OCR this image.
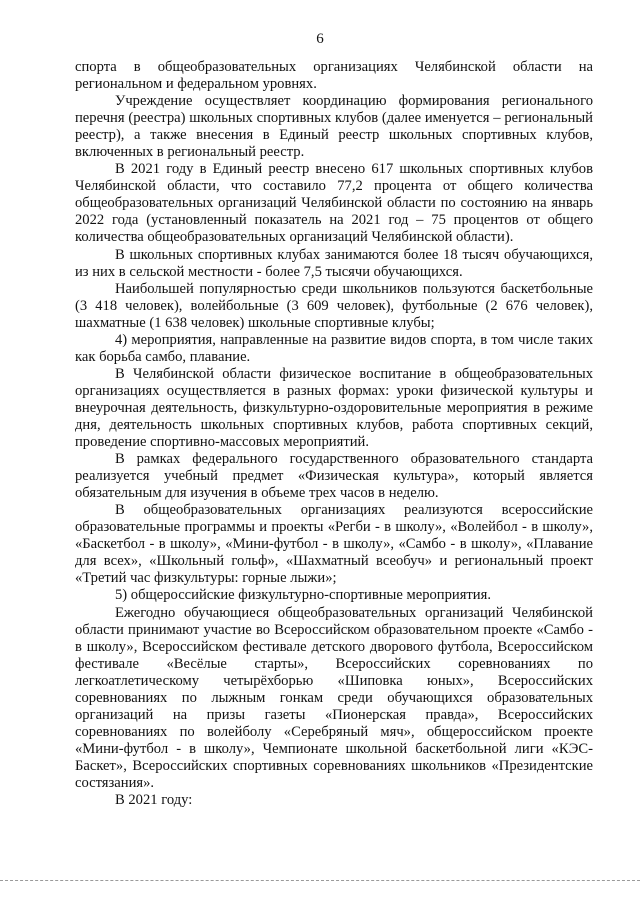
6

спорта в общеобразовательных организациях Челябинской области на региональном и федеральном уровнях.

Учреждение осуществляет координацию формирования регионального перечня (реестра) школьных спортивных клубов (далее именуется – региональный реестр), а также внесения в Единый реестр школьных спортивных клубов, включенных в региональный реестр.

В 2021 году в Единый реестр внесено 617 школьных спортивных клубов Челябинской области, что составило 77,2 процента от общего количества общеобразовательных организаций Челябинской области по состоянию на январь 2022 года (установленный показатель на 2021 год – 75 процентов от общего количества общеобразовательных организаций Челябинской области).

В школьных спортивных клубах занимаются более 18 тысяч обучающихся, из них в сельской местности - более 7,5 тысячи обучающихся.

Наибольшей популярностью среди школьников пользуются баскетбольные (3 418 человек), волейбольные (3 609 человек), футбольные (2 676 человек), шахматные (1 638 человек) школьные спортивные клубы;

4) мероприятия, направленные на развитие видов спорта, в том числе таких как борьба самбо, плавание.

В Челябинской области физическое воспитание в общеобразовательных организациях осуществляется в разных формах: уроки физической культуры и внеурочная деятельность, физкультурно-оздоровительные мероприятия в режиме дня, деятельность школьных спортивных клубов, работа спортивных секций, проведение спортивно-массовых мероприятий.

В рамках федерального государственного образовательного стандарта реализуется учебный предмет «Физическая культура», который является обязательным для изучения в объеме трех часов в неделю.

В общеобразовательных организациях реализуются всероссийские образовательные программы и проекты «Регби - в школу», «Волейбол - в школу», «Баскетбол - в школу», «Мини-футбол - в школу», «Самбо - в школу», «Плавание для всех», «Школьный гольф», «Шахматный всеобуч» и региональный проект «Третий час физкультуры: горные лыжи»;

5) общероссийские физкультурно-спортивные мероприятия.

Ежегодно обучающиеся общеобразовательных организаций Челябинской области принимают участие во Всероссийском образовательном проекте «Самбо - в школу», Всероссийском фестивале детского дворового футбола, Всероссийском фестивале «Весёлые старты», Всероссийских соревнованиях по легкоатлетическому четырёхборью «Шиповка юных», Всероссийских соревнованиях по лыжным гонкам среди обучающихся образовательных организаций на призы газеты «Пионерская правда», Всероссийских соревнованиях по волейболу «Серебряный мяч», общероссийском проекте «Мини-футбол - в школу», Чемпионате школьной баскетбольной лиги «КЭС-Баскет», Всероссийских спортивных соревнованиях школьников «Президентские состязания».

В 2021 году:
